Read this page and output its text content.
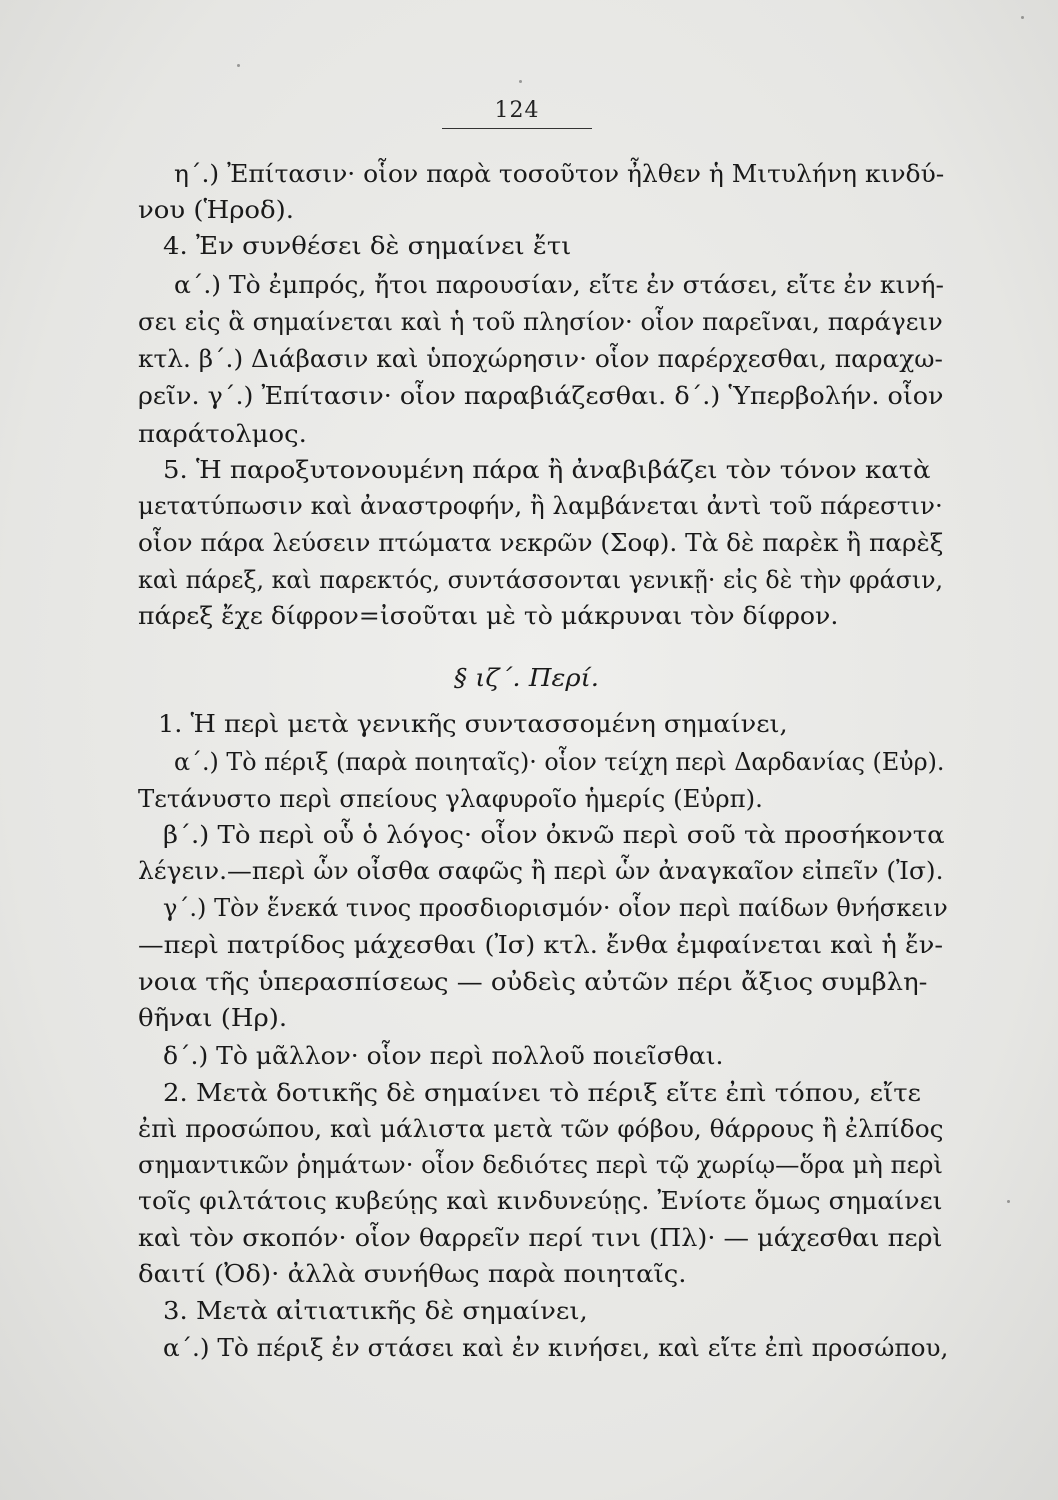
124
η΄.) Ἐπίτασιν· οἷον παρὰ τοσοῦτον ἦλθεν ἡ Μιτυλήνη κινδύ-
νου (Ἡροδ).
4. Ἐν συνθέσει δὲ σημαίνει ἔτι
α΄.) Τὸ ἐμπρός, ἤτοι παρουσίαν, εἴτε ἐν στάσει, εἴτε ἐν κινή-
σει εἰς ἃ σημαίνεται καὶ ἡ τοῦ πλησίον· οἷον παρεῖναι, παράγειν
κτλ. β΄.) Διάβασιν καὶ ὑποχώρησιν· οἷον παρέρχεσθαι, παραχω-
ρεῖν. γ΄.) Ἐπίτασιν· οἷον παραβιάζεσθαι. δ΄.) Ὑπερβολήν. οἷον
παράτολμος.
5. Ἡ παροξυτονουμένη πάρα ἢ ἀναβιβάζει τὸν τόνον κατὰ
μετατύπωσιν καὶ ἀναστροφήν, ἢ λαμβάνεται ἀντὶ τοῦ πάρεστιν·
οἷον πάρα λεύσειν πτώματα νεκρῶν (Σοφ). Τὰ δὲ παρὲκ ἢ παρὲξ
καὶ πάρεξ, καὶ παρεκτός, συντάσσονται γενικῇ· εἰς δὲ τὴν φράσιν,
πάρεξ ἔχε δίφρον=ἰσοῦται μὲ τὸ μάκρυναι τὸν δίφρον.
§ ιζ΄. Περί.
1. Ἡ περὶ μετὰ γενικῆς συντασσομένη σημαίνει,
α΄.) Τὸ πέριξ (παρὰ ποιηταῖς)· οἷον τείχη περὶ Δαρδανίας (Εὐρ).
Τετάνυστο περὶ σπείους γλαφυροῖο ἡμερίς (Εὐρπ).
β΄.) Τὸ περὶ οὗ ὁ λόγος· οἷον ὀκνῶ περὶ σοῦ τὰ προσήκοντα
λέγειν.—περὶ ὧν οἶσθα σαφῶς ἢ περὶ ὧν ἀναγκαῖον εἰπεῖν (Ἰσ).
γ΄.) Τὸν ἕνεκά τινος προσδιορισμόν· οἷον περὶ παίδων θνήσκειν
—περὶ πατρίδος μάχεσθαι (Ἰσ) κτλ. ἔνθα ἐμφαίνεται καὶ ἡ ἔν-
νοια τῆς ὑπερασπίσεως — οὐδεὶς αὐτῶν πέρι ἄξιος συμβλη-
θῆναι (Ηρ).
δ΄.) Τὸ μᾶλλον· οἷον περὶ πολλοῦ ποιεῖσθαι.
2. Μετὰ δοτικῆς δὲ σημαίνει τὸ πέριξ εἴτε ἐπὶ τόπου, εἴτε
ἐπὶ προσώπου, καὶ μάλιστα μετὰ τῶν φόβου, θάρρους ἢ ἐλπίδος
σημαντικῶν ῥημάτων· οἷον δεδιότες περὶ τῷ χωρίῳ—ὅρα μὴ περὶ
τοῖς φιλτάτοις κυβεύῃς καὶ κινδυνεύῃς. Ἐνίοτε ὅμως σημαίνει
καὶ τὸν σκοπόν· οἷον θαρρεῖν περί τινι (Πλ)· — μάχεσθαι περὶ
δαιτί (Ὀδ)· ἀλλὰ συνήθως παρὰ ποιηταῖς.
3. Μετὰ αἰτιατικῆς δὲ σημαίνει,
α΄.) Τὸ πέριξ ἐν στάσει καὶ ἐν κινήσει, καὶ εἴτε ἐπὶ προσώπου,
